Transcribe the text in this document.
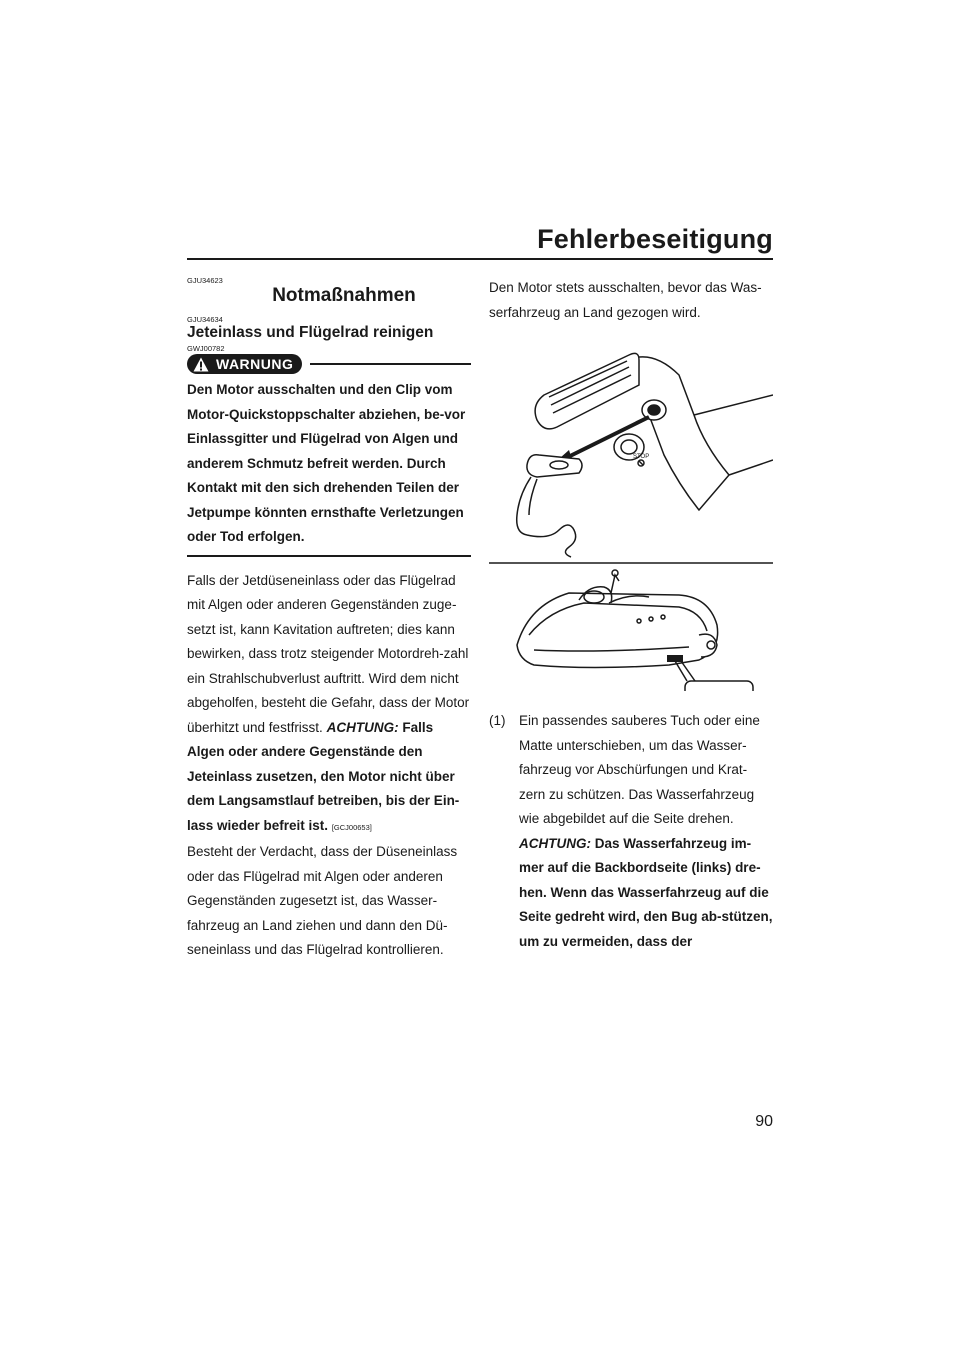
Fehlerbeseitigung
GJU34623
Notmaßnahmen
GJU34634
Jeteinlass und Flügelrad reinigen
GWJ00782
WARNUNG

Den Motor ausschalten und den Clip vom Motor-Quickstoppschalter abziehen, be-vor Einlassgitter und Flügelrad von Algen und anderem Schmutz befreit werden. Durch Kontakt mit den sich drehenden Teilen der Jetpumpe könnten ernsthafte Verletzungen oder Tod erfolgen.

Falls der Jetdüseneinlass oder das Flügelrad mit Algen oder anderen Gegenständen zuge-setzt ist, kann Kavitation auftreten; dies kann bewirken, dass trotz steigender Motordreh-zahl ein Strahlschubverlust auftritt. Wird dem nicht abgeholfen, besteht die Gefahr, dass der Motor überhitzt und festfrisst. ACHTUNG: Falls Algen oder andere Gegenstände den Jeteinlass zusetzen, den Motor nicht über dem Langsamstlauf betreiben, bis der Ein-lass wieder befreit ist. [GCJ00653]
Besteht der Verdacht, dass der Düseneinlass oder das Flügelrad mit Algen oder anderen Gegenständen zugesetzt ist, das Wasser-fahrzeug an Land ziehen und dann den Dü-seneinlass und das Flügelrad kontrollieren.

Den Motor stets ausschalten, bevor das Was-serfahrzeug an Land gezogen wird.

STOP
(1)	Ein passendes sauberes Tuch oder eine Matte unterschieben, um das Wasser-fahrzeug vor Abschürfungen und Krat-zern zu schützen. Das Wasserfahrzeug wie abgebildet auf die Seite drehen.
ACHTUNG: Das Wasserfahrzeug im-mer auf die Backbordseite (links) dre-hen. Wenn das Wasserfahrzeug auf die Seite gedreht wird, den Bug ab-stützen, um zu vermeiden, dass der
90
